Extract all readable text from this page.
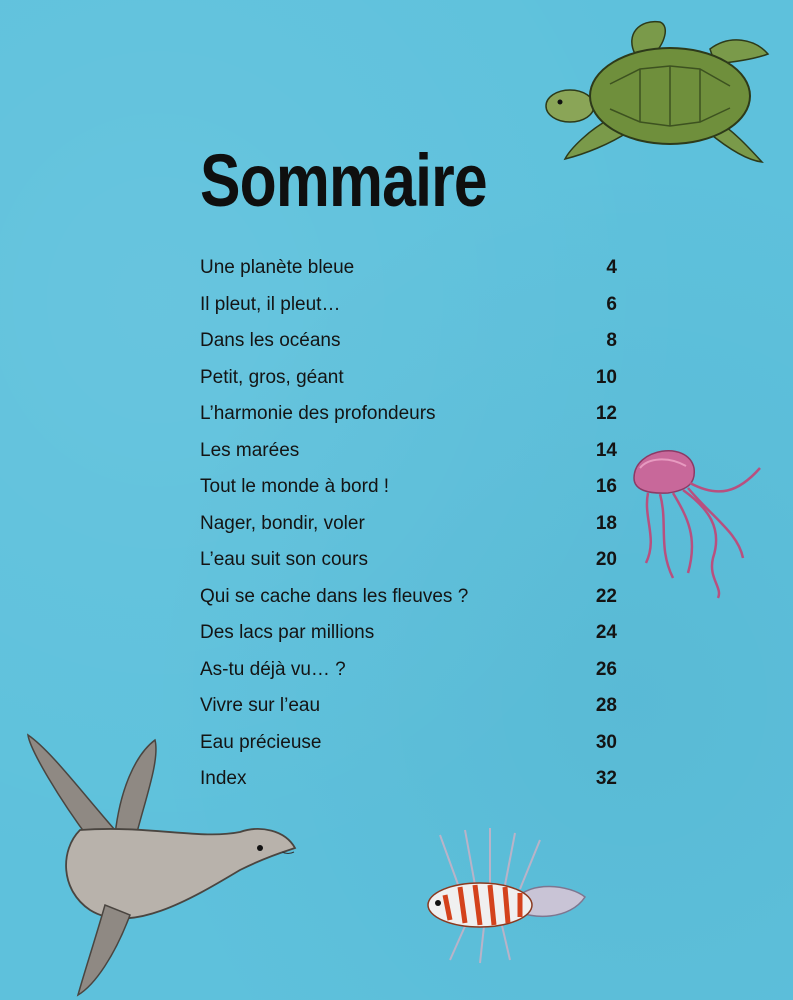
Sommaire
Une planète bleue	4
Il pleut, il pleut…	6
Dans les océans	8
Petit, gros, géant	10
L’harmonie des profondeurs	12
Les marées	14
Tout le monde à bord !	16
Nager, bondir, voler	18
L’eau suit son cours	20
Qui se cache dans les fleuves ?	22
Des lacs par millions	24
As-tu déjà vu… ?	26
Vivre sur l’eau	28
Eau précieuse	30
Index	32
